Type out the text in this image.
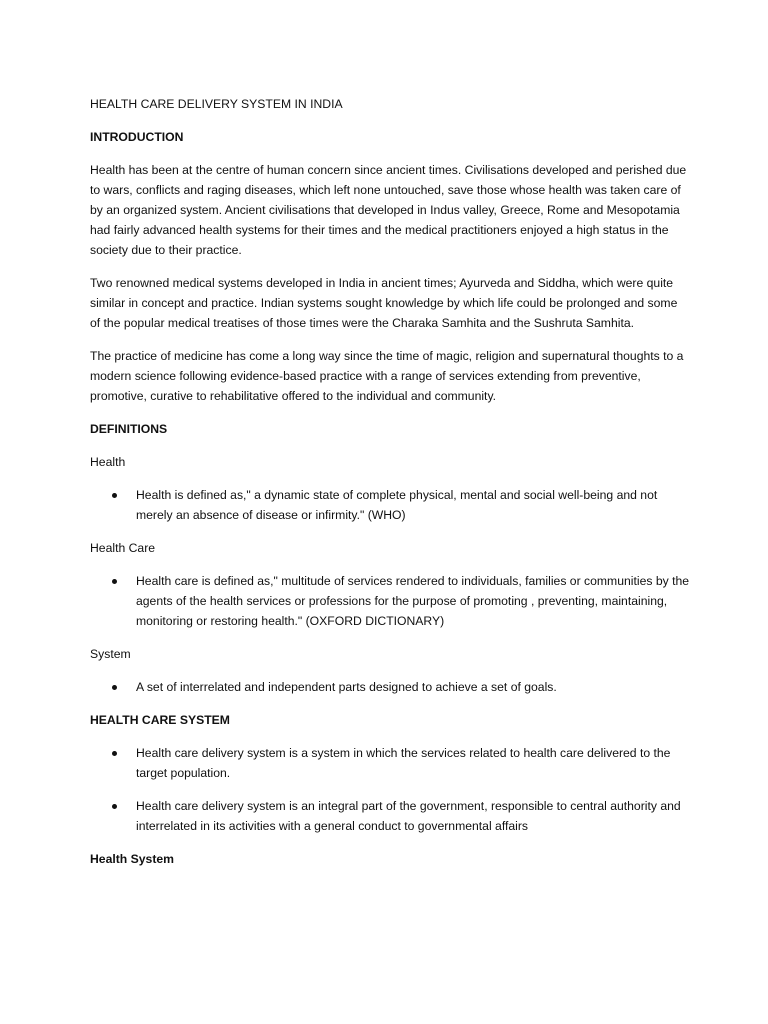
HEALTH CARE DELIVERY SYSTEM IN INDIA

INTRODUCTION

Health has been at the centre of human concern since ancient times. Civilisations developed and perished due to wars, conflicts and raging diseases, which left none untouched, save those whose health was taken care of by an organized system. Ancient civilisations that developed in Indus valley, Greece, Rome and Mesopotamia had fairly advanced health systems for their times and the medical practitioners enjoyed a high status in the society due to their practice.

Two renowned medical systems developed in India in ancient times; Ayurveda and Siddha, which were quite similar in concept and practice. Indian systems sought knowledge by which life could be prolonged and some of the popular medical treatises of those times were the Charaka Samhita and the Sushruta Samhita.

The practice of medicine has come a long way since the time of magic, religion and supernatural thoughts to a modern science following evidence-based practice with a range of services extending from preventive, promotive, curative to rehabilitative offered to the individual and community.

DEFINITIONS

Health

Health is defined as," a dynamic state of complete physical, mental and social well-being and not merely an absence of disease or infirmity." (WHO)

Health Care

Health care is defined as," multitude of services rendered to individuals, families or communities by the agents of the health services or professions for the purpose of promoting , preventing, maintaining, monitoring or restoring health." (OXFORD DICTIONARY)

System

A set of interrelated and independent parts designed to achieve a set of goals.

HEALTH CARE SYSTEM

Health care delivery system is a system in which the services related to health care delivered to the target population.

Health care delivery system is an integral part of the government, responsible to central authority and interrelated in its activities with a general conduct to governmental affairs

Health System
